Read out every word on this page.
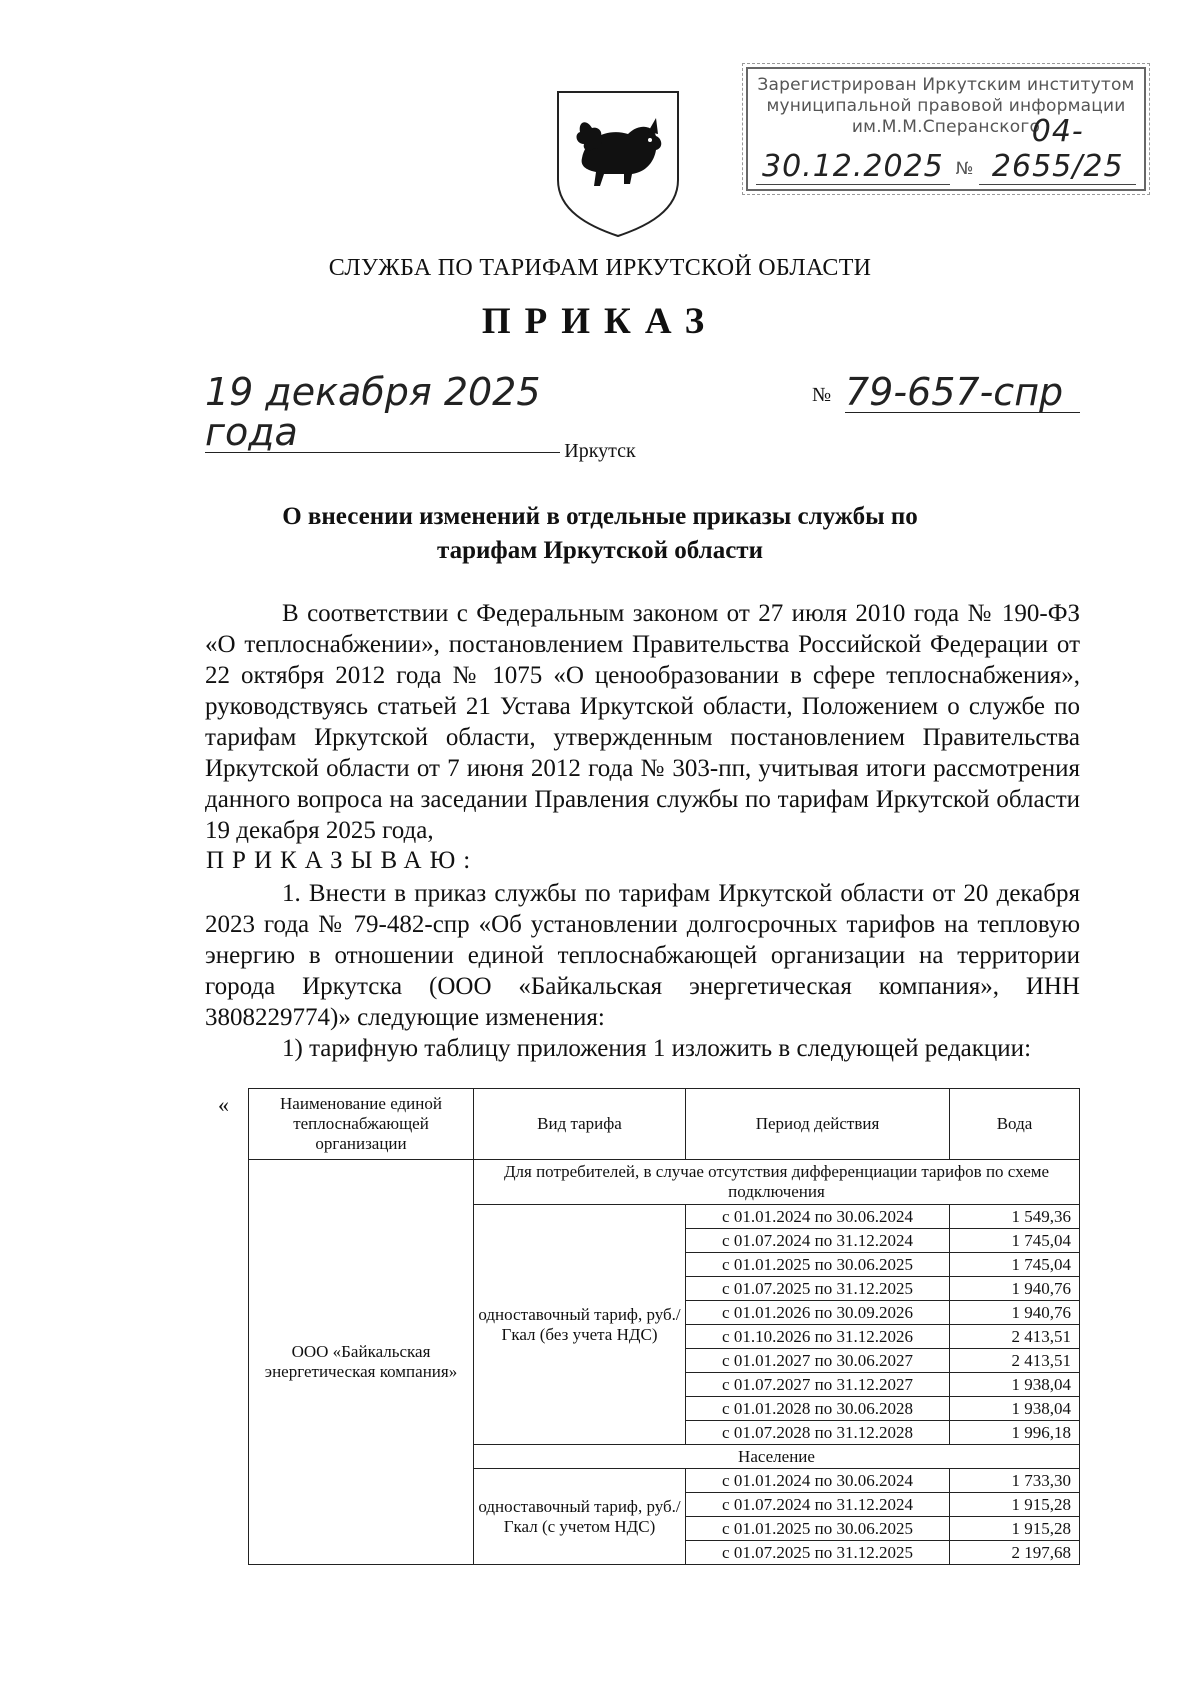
Зарегистрирован Иркутским институтом
муниципальной правовой информации
им.М.М.Сперанского
30.12.2025 №
04-2655/25
СЛУЖБА ПО ТАРИФАМ ИРКУТСКОЙ ОБЛАСТИ
ПРИКАЗ
19 декабря 2025 года
№ 79-657-спр
Иркутск
О внесении изменений в отдельные приказы службы по тарифам Иркутской области

В соответствии с Федеральным законом от 27 июля 2010 года № 190-ФЗ «О теплоснабжении», постановлением Правительства Российской Федерации от 22 октября 2012 года № 1075 «О ценообразовании в сфере теплоснабжения», руководствуясь статьей 21 Устава Иркутской области, Положением о службе по тарифам Иркутской области, утвержденным постановлением Правительства Иркутской области от 7 июня 2012 года № 303-пп, учитывая итоги рассмотрения данного вопроса на заседании Правления службы по тарифам Иркутской области 19 декабря 2025 года,

ПРИКАЗЫВАЮ:

1. Внести в приказ службы по тарифам Иркутской области от 20 декабря 2023 года № 79-482-спр «Об установлении долгосрочных тарифов на тепловую энергию в отношении единой теплоснабжающей организации на территории города Иркутска (ООО «Байкальская энергетическая компания», ИНН 3808229774)» следующие изменения:

1) тарифную таблицу приложения 1 изложить в следующей редакции:
«	Наименование единой теплоснабжающей организации	Вид тарифа	Период действия	Вода
ООО «Байкальская энергетическая компания»	Для потребителей, в случае отсутствия дифференциации тарифов по схеме подключения		
	одноставочный тариф, руб./Гкал (без учета НДС)	с 01.01.2024 по 30.06.2024	1 549,36
		с 01.07.2024 по 31.12.2024	1 745,04
		с 01.01.2025 по 30.06.2025	1 745,04
		с 01.07.2025 по 31.12.2025	1 940,76
		с 01.01.2026 по 30.09.2026	1 940,76
		с 01.10.2026 по 31.12.2026	2 413,51
		с 01.01.2027 по 30.06.2027	2 413,51
		с 01.07.2027 по 31.12.2027	1 938,04
		с 01.01.2028 по 30.06.2028	1 938,04
		с 01.07.2028 по 31.12.2028	1 996,18
	Население		
	одноставочный тариф, руб./Гкал (с учетом НДС)	с 01.01.2024 по 30.06.2024	1 733,30
		с 01.07.2024 по 31.12.2024	1 915,28
		с 01.01.2025 по 30.06.2025	1 915,28
		с 01.07.2025 по 31.12.2025	2 197,68
